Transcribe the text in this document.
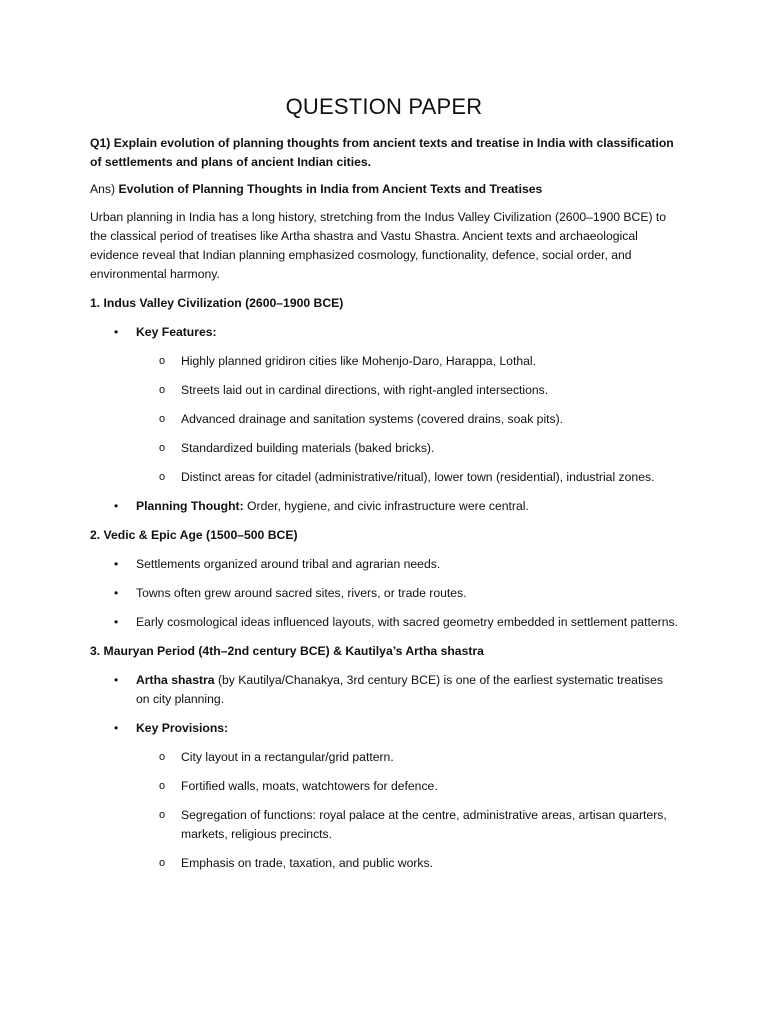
QUESTION PAPER

Q1) Explain evolution of planning thoughts from ancient texts and treatise in India with classification of settlements and plans of ancient Indian cities.

Ans) Evolution of Planning Thoughts in India from Ancient Texts and Treatises

Urban planning in India has a long history, stretching from the Indus Valley Civilization (2600–1900 BCE) to the classical period of treatises like Artha shastra and Vastu Shastra. Ancient texts and archaeological evidence reveal that Indian planning emphasized cosmology, functionality, defence, social order, and environmental harmony.

1. Indus Valley Civilization (2600–1900 BCE)

• Key Features:
o Highly planned gridiron cities like Mohenjo-Daro, Harappa, Lothal.
o Streets laid out in cardinal directions, with right-angled intersections.
o Advanced drainage and sanitation systems (covered drains, soak pits).
o Standardized building materials (baked bricks).
o Distinct areas for citadel (administrative/ritual), lower town (residential), industrial zones.
• Planning Thought: Order, hygiene, and civic infrastructure were central.

2. Vedic & Epic Age (1500–500 BCE)

• Settlements organized around tribal and agrarian needs.
• Towns often grew around sacred sites, rivers, or trade routes.
• Early cosmological ideas influenced layouts, with sacred geometry embedded in settlement patterns.

3. Mauryan Period (4th–2nd century BCE) & Kautilya’s Artha shastra

• Artha shastra (by Kautilya/Chanakya, 3rd century BCE) is one of the earliest systematic treatises on city planning.
• Key Provisions:
o City layout in a rectangular/grid pattern.
o Fortified walls, moats, watchtowers for defence.
o Segregation of functions: royal palace at the centre, administrative areas, artisan quarters, markets, religious precincts.
o Emphasis on trade, taxation, and public works.
